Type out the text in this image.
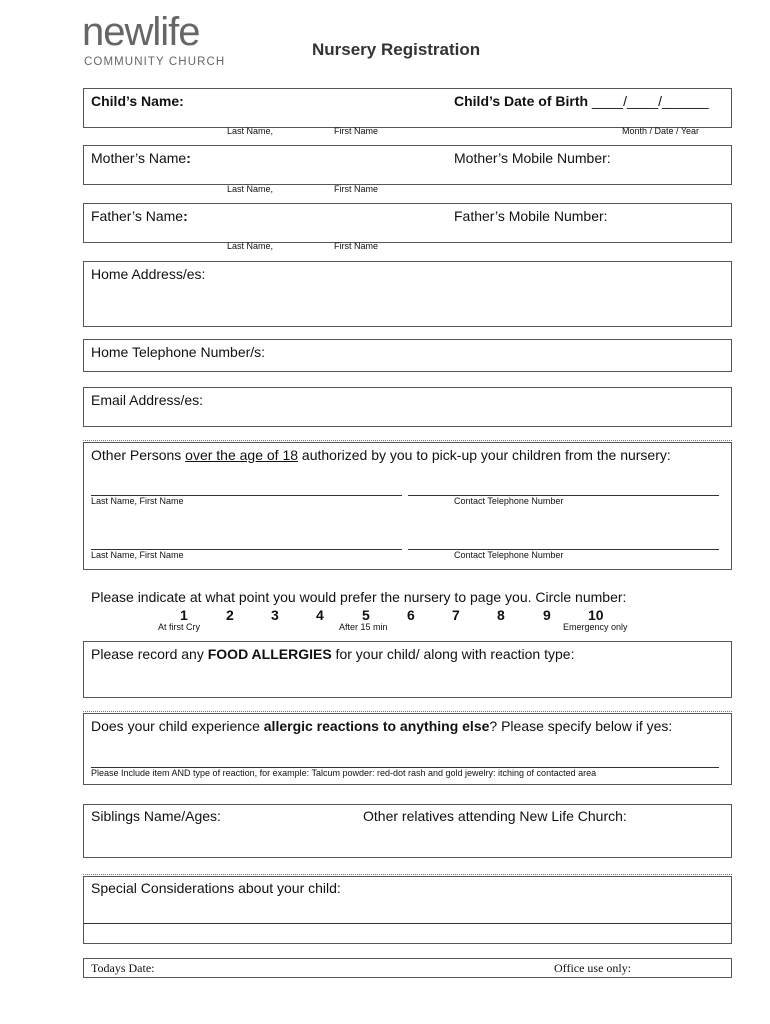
newlife
COMMUNITY CHURCH
Nursery Registration
Child’s Name:	Child’s Date of Birth ____/____/______
Last Name,	First Name	Month / Date / Year
Mother’s Name:	Mother’s Mobile Number:
Last Name,	First Name
Father’s Name:	Father’s Mobile Number:
Last Name,	First Name
Home Address/es:
Home Telephone Number/s:
Email Address/es:
Other Persons over the age of 18 authorized by you to pick-up your children from the nursery:
Last Name, First Name	Contact Telephone Number
Last Name, First Name	Contact Telephone Number
Please indicate at what point you would prefer the nursery to page you. Circle number:
1	2	3	4	5	6	7	8	9	10
At first Cry	After 15 min	Emergency only
Please record any FOOD ALLERGIES for your child/ along with reaction type:
Does your child experience allergic reactions to anything else? Please specify below if yes:
Please Include item AND type of reaction, for example: Talcum powder: red-dot rash and gold jewelry: itching of contacted area
Siblings Name/Ages:	Other relatives attending New Life Church:
Special Considerations about your child:
Todays Date:	Office use only:
